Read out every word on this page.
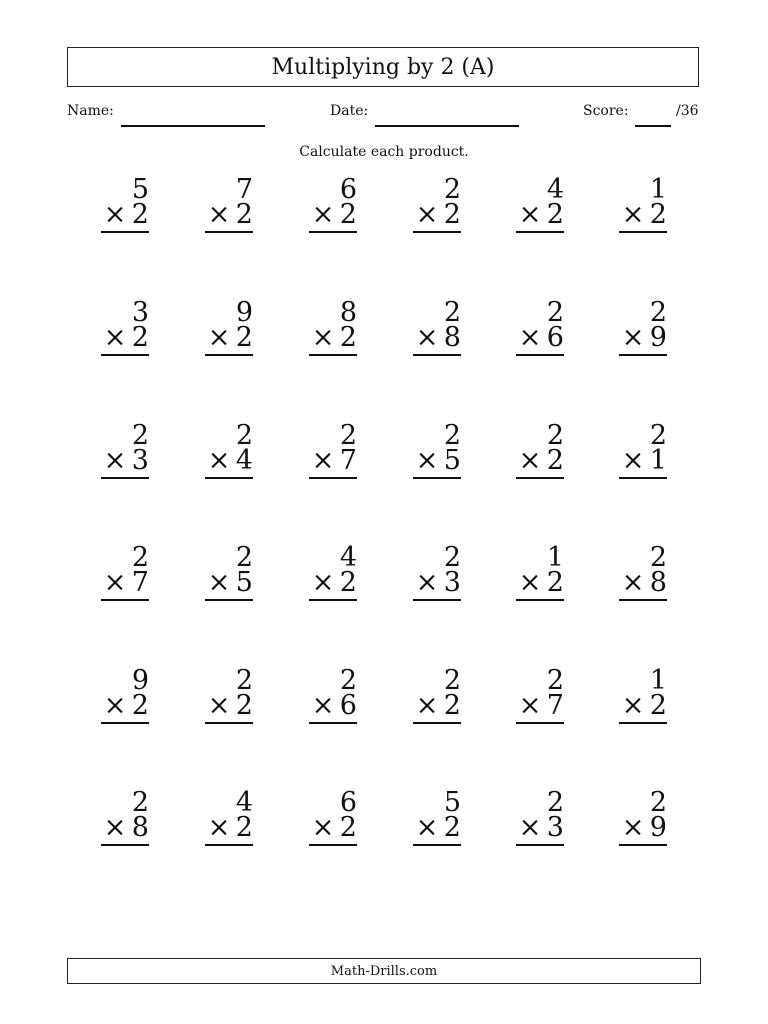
Multiplying by 2 (A)
Name:	Date:	Score:	/36
Calculate each product.
5
× 2
7
× 2
6
× 2
2
× 2
4
× 2
1
× 2
3
× 2
9
× 2
8
× 2
2
× 8
2
× 6
2
× 9
2
× 3
2
× 4
2
× 7
2
× 5
2
× 2
2
× 1
2
× 7
2
× 5
4
× 2
2
× 3
1
× 2
2
× 8
9
× 2
2
× 2
2
× 6
2
× 2
2
× 7
1
× 2
2
× 8
4
× 2
6
× 2
5
× 2
2
× 3
2
× 9
Math-Drills.com
